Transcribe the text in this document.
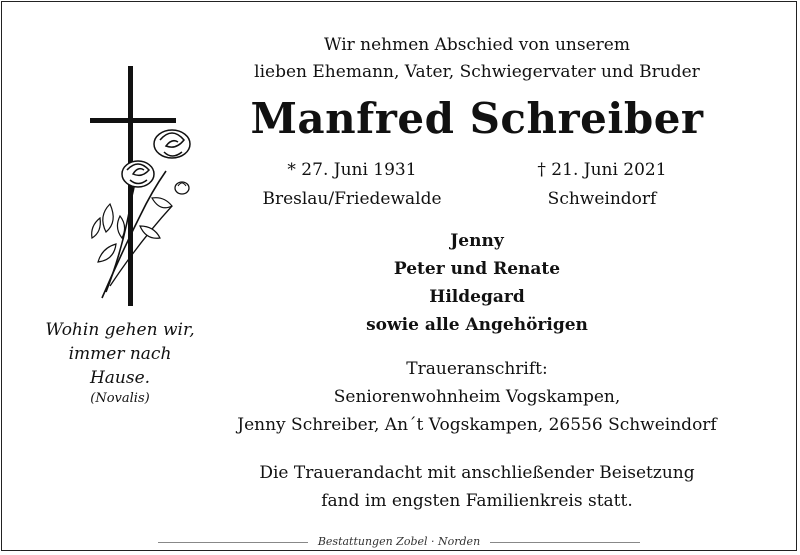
Wohin gehen wir,
immer nach
Hause.
(Novalis)
Wir nehmen Abschied von unserem
lieben Ehemann, Vater, Schwiegervater und Bruder
Manfred Schreiber
* 27. Juni 1931
Breslau/Friedewalde
† 21. Juni 2021
Schweindorf
Jenny
Peter und Renate
Hildegard
sowie alle Angehörigen
Traueranschrift:
Seniorenwohnheim Vogskampen,
Jenny Schreiber, An´t Vogskampen, 26556 Schweindorf
Die Trauerandacht mit anschließender Beisetzung
fand im engsten Familienkreis statt.
Bestattungen Zobel · Norden
